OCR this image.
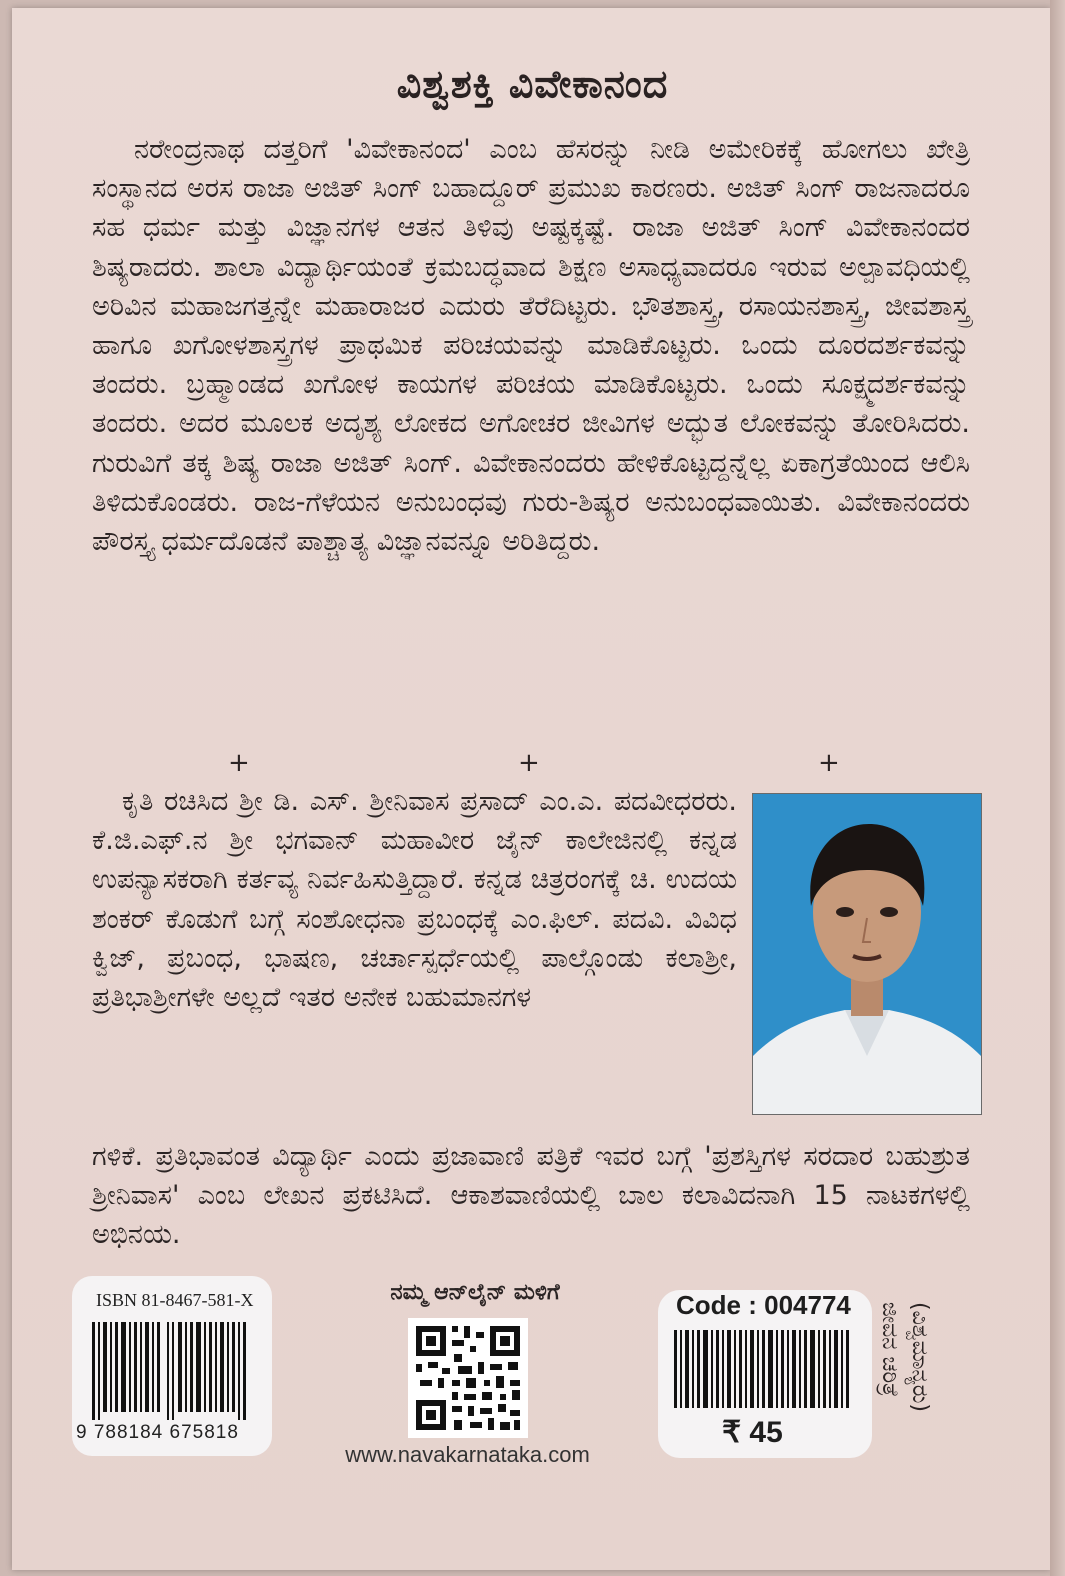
ವಿಶ್ವಶಕ್ತಿ ವಿವೇಕಾನಂದ

ನರೇಂದ್ರನಾಥ ದತ್ತರಿಗೆ 'ವಿವೇಕಾನಂದ' ಎಂಬ ಹೆಸರನ್ನು ನೀಡಿ ಅಮೇರಿಕಕ್ಕೆ ಹೋಗಲು ಖೇತ್ರಿ ಸಂಸ್ಥಾನದ ಅರಸ ರಾಜಾ ಅಜಿತ್ ಸಿಂಗ್ ಬಹಾದ್ದೂರ್ ಪ್ರಮುಖ ಕಾರಣರು. ಅಜಿತ್ ಸಿಂಗ್ ರಾಜನಾದರೂ ಸಹ ಧರ್ಮ ಮತ್ತು ವಿಜ್ಞಾನಗಳ ಆತನ ತಿಳಿವು ಅಷ್ಟಕ್ಕಷ್ಟೆ. ರಾಜಾ ಅಜಿತ್ ಸಿಂಗ್ ವಿವೇಕಾನಂದರ ಶಿಷ್ಯರಾದರು. ಶಾಲಾ ವಿದ್ಯಾರ್ಥಿಯಂತೆ ಕ್ರಮಬದ್ಧವಾದ ಶಿಕ್ಷಣ ಅಸಾಧ್ಯವಾದರೂ ಇರುವ ಅಲ್ಪಾವಧಿಯಲ್ಲಿ ಅರಿವಿನ ಮಹಾಜಗತ್ತನ್ನೇ ಮಹಾರಾಜರ ಎದುರು ತೆರೆದಿಟ್ಟರು. ಭೌತಶಾಸ್ತ್ರ, ರಸಾಯನಶಾಸ್ತ್ರ, ಜೀವಶಾಸ್ತ್ರ ಹಾಗೂ ಖಗೋಳಶಾಸ್ತ್ರಗಳ ಪ್ರಾಥಮಿಕ ಪರಿಚಯವನ್ನು ಮಾಡಿಕೊಟ್ಟರು. ಒಂದು ದೂರದರ್ಶಕವನ್ನು ತಂದರು. ಬ್ರಹ್ಮಾಂಡದ ಖಗೋಳ ಕಾಯಗಳ ಪರಿಚಯ ಮಾಡಿಕೊಟ್ಟರು. ಒಂದು ಸೂಕ್ಷ್ಮದರ್ಶಕವನ್ನು ತಂದರು. ಅದರ ಮೂಲಕ ಅದೃಶ್ಯ ಲೋಕದ ಅಗೋಚರ ಜೀವಿಗಳ ಅದ್ಭುತ ಲೋಕವನ್ನು ತೋರಿಸಿದರು. ಗುರುವಿಗೆ ತಕ್ಕ ಶಿಷ್ಯ ರಾಜಾ ಅಜಿತ್ ಸಿಂಗ್. ವಿವೇಕಾನಂದರು ಹೇಳಿಕೊಟ್ಟದ್ದನ್ನೆಲ್ಲ ಏಕಾಗ್ರತೆಯಿಂದ ಆಲಿಸಿ ತಿಳಿದುಕೊಂಡರು. ರಾಜ-ಗೆಳೆಯನ ಅನುಬಂಧವು ಗುರು-ಶಿಷ್ಯರ ಅನುಬಂಧವಾಯಿತು. ವಿವೇಕಾನಂದರು ಪೌರಸ್ತ್ಯ ಧರ್ಮದೊಡನೆ ಪಾಶ್ಚಾತ್ಯ ವಿಜ್ಞಾನವನ್ನೂ ಅರಿತಿದ್ದರು.

+	+	+

ಕೃತಿ ರಚಿಸಿದ ಶ್ರೀ ಡಿ. ಎಸ್. ಶ್ರೀನಿವಾಸ ಪ್ರಸಾದ್ ಎಂ.ಎ. ಪದವೀಧರರು. ಕೆ.ಜಿ.ಎಫ್.ನ ಶ್ರೀ ಭಗವಾನ್ ಮಹಾವೀರ ಜೈನ್ ಕಾಲೇಜಿನಲ್ಲಿ ಕನ್ನಡ ಉಪನ್ಯಾಸಕರಾಗಿ ಕರ್ತವ್ಯ ನಿರ್ವಹಿಸುತ್ತಿದ್ದಾರೆ. ಕನ್ನಡ ಚಿತ್ರರಂಗಕ್ಕೆ ಚಿ. ಉದಯ ಶಂಕರ್ ಕೊಡುಗೆ ಬಗ್ಗೆ ಸಂಶೋಧನಾ ಪ್ರಬಂಧಕ್ಕೆ ಎಂ.ಫಿಲ್. ಪದವಿ. ವಿವಿಧ ಕ್ವಿಜ್, ಪ್ರಬಂಧ, ಭಾಷಣ, ಚರ್ಚಾಸ್ಪರ್ಧೆಯಲ್ಲಿ ಪಾಲ್ಗೊಂಡು ಕಲಾಶ್ರೀ, ಪ್ರತಿಭಾಶ್ರೀಗಳೇ ಅಲ್ಲದೆ ಇತರ ಅನೇಕ ಬಹುಮಾನಗಳ

ಗಳಿಕೆ. ಪ್ರತಿಭಾವಂತ ವಿದ್ಯಾರ್ಥಿ ಎಂದು ಪ್ರಜಾವಾಣಿ ಪತ್ರಿಕೆ ಇವರ ಬಗ್ಗೆ 'ಪ್ರಶಸ್ತಿಗಳ ಸರದಾರ ಬಹುಶ್ರುತ ಶ್ರೀನಿವಾಸ' ಎಂಬ ಲೇಖನ ಪ್ರಕಟಿಸಿದೆ. ಆಕಾಶವಾಣಿಯಲ್ಲಿ ಬಾಲ ಕಲಾವಿದನಾಗಿ 15 ನಾಟಕಗಳಲ್ಲಿ ಅಭಿನಯ.

ISBN 81-8467-581-X
9 788184 675818
ನಮ್ಮ ಆನ್‌ಲೈನ್ ಮಳಿಗೆ
www.navakarnataka.com
Code : 004774
₹ 45
ಜೀವನ ಚರಿತ್ರೆ (ವಿಶ್ವಮಾನ್ಯರು)
